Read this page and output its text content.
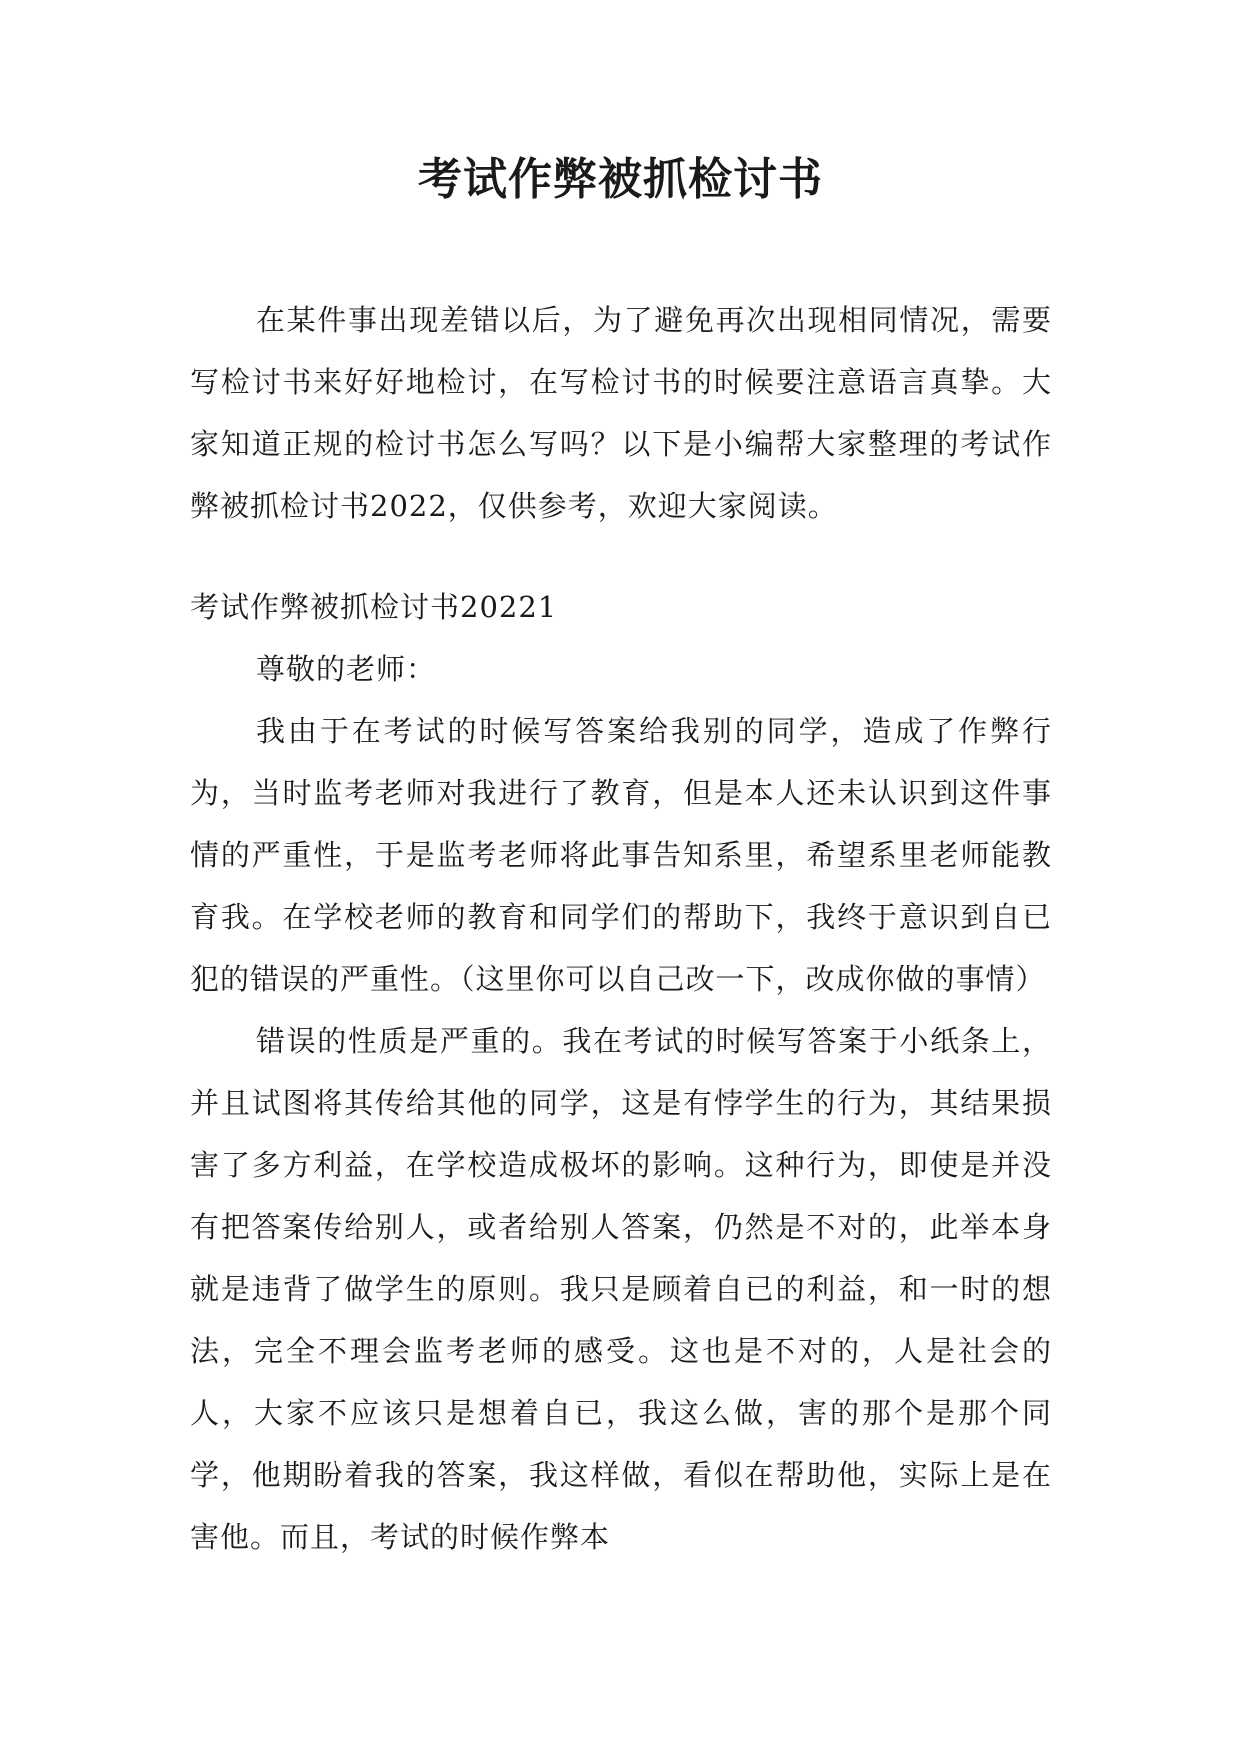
考试作弊被抓检讨书
在某件事出现差错以后，为了避免再次出现相同情况，需要写检讨书来好好地检讨，在写检讨书的时候要注意语言真挚。大家知道正规的检讨书怎么写吗？以下是小编帮大家整理的考试作弊被抓检讨书2022，仅供参考，欢迎大家阅读。

考试作弊被抓检讨书20221

尊敬的老师：

我由于在考试的时候写答案给我别的同学，造成了作弊行为，当时监考老师对我进行了教育，但是本人还未认识到这件事情的严重性，于是监考老师将此事告知系里，希望系里老师能教育我。在学校老师的教育和同学们的帮助下，我终于意识到自已犯的错误的严重性。（这里你可以自己改一下，改成你做的事情）

错误的性质是严重的。我在考试的时候写答案于小纸条上，并且试图将其传给其他的同学，这是有悖学生的行为，其结果损害了多方利益，在学校造成极坏的影响。这种行为，即使是并没有把答案传给别人，或者给别人答案，仍然是不对的，此举本身就是违背了做学生的原则。我只是顾着自已的利益，和一时的想法，完全不理会监考老师的感受。这也是不对的，人是社会的人，大家不应该只是想着自已，我这么做，害的那个是那个同学，他期盼着我的答案，我这样做，看似在帮助他，实际上是在害他。而且，考试的时候作弊本
